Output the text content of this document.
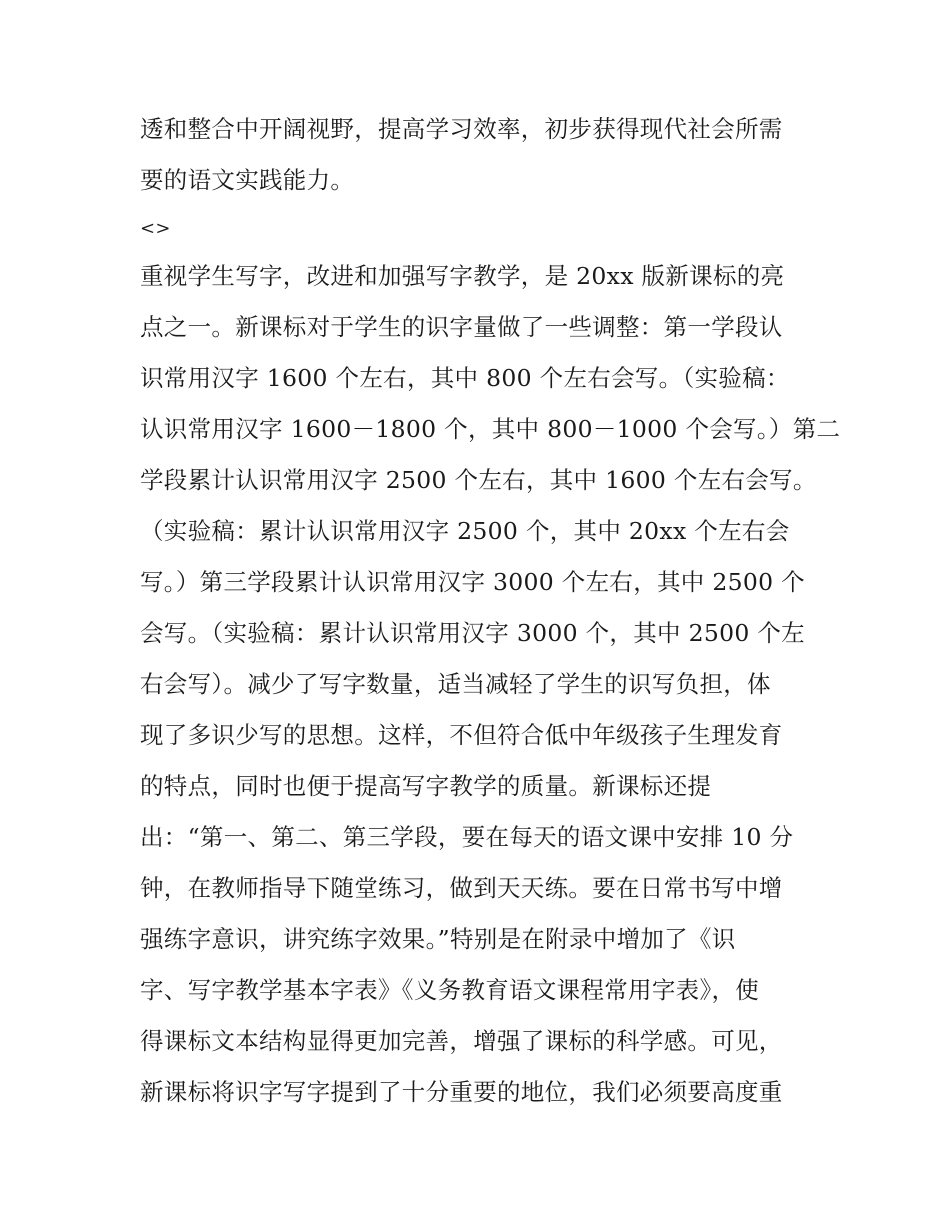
透和整合中开阔视野，提高学习效率，初步获得现代社会所需
要的语文实践能力。
<>
重视学生写字，改进和加强写字教学，是 20xx 版新课标的亮
点之一。新课标对于学生的识字量做了一些调整：第一学段认
识常用汉字 1600 个左右，其中 800 个左右会写。（实验稿：
认识常用汉字 1600－1800 个，其中 800－1000 个会写。）第二
学段累计认识常用汉字 2500 个左右，其中 1600 个左右会写。
（实验稿：累计认识常用汉字 2500 个，其中 20xx 个左右会
写。）第三学段累计认识常用汉字 3000 个左右，其中 2500 个
会写。（实验稿：累计认识常用汉字 3000 个，其中 2500 个左
右会写）。减少了写字数量，适当减轻了学生的识写负担，体
现了多识少写的思想。这样，不但符合低中年级孩子生理发育
的特点，同时也便于提高写字教学的质量。新课标还提
出：“第一、第二、第三学段，要在每天的语文课中安排 10 分
钟，在教师指导下随堂练习，做到天天练。要在日常书写中增
强练字意识，讲究练字效果。”特别是在附录中增加了《识
字、写字教学基本字表》《义务教育语文课程常用字表》，使
得课标文本结构显得更加完善，增强了课标的科学感。可见，
新课标将识字写字提到了十分重要的地位，我们必须要高度重
